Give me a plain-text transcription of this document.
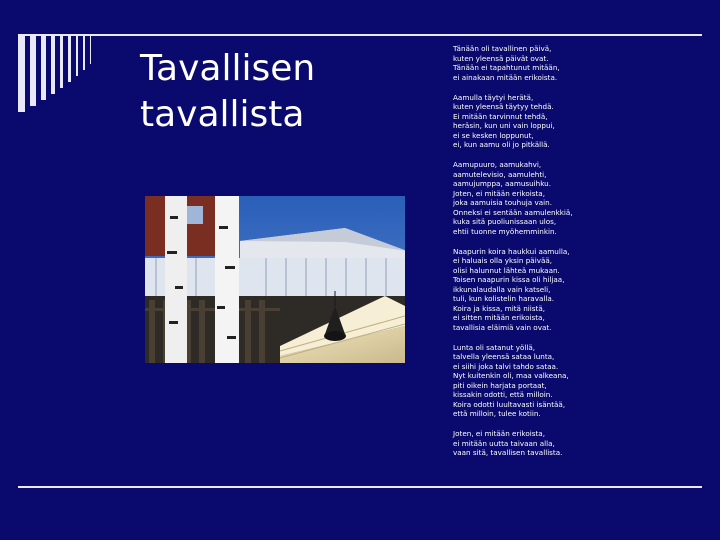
Tavallisen
tavallista
Tänään oli tavallinen päivä,
kuten yleensä päivät ovat.
Tänään ei tapahtunut mitään,
ei ainakaan mitään erikoista.
Aamulla täytyi herätä,
kuten yleensä täytyy tehdä.
Ei mitään tarvinnut tehdä,
heräsin, kun uni vain loppui,
ei se kesken loppunut,
ei, kun aamu oli jo pitkällä.
Aamupuuro, aamukahvi,
aamutelevisio, aamulehti,
aamujumppa, aamusuihku.
Joten, ei mitään erikoista,
joka aamuisia touhuja vain.
Onneksi ei sentään aamulenkkiä,
kuka sitä puoliunissaan ulos,
ehtii tuonne myöhemminkin.
Naapurin koira haukkui aamulla,
ei haluais olla yksin päivää,
olisi halunnut lähteä mukaan.
Toisen naapurin kissa oli hiljaa,
ikkunalaudalla vain katseli,
tuli, kun kolistelin haravalla.
Koira ja kissa, mitä niistä,
ei sitten mitään erikoista,
tavallisia eläimiä vain ovat.
Lunta oli satanut yöllä,
talvella yleensä sataa lunta,
ei siihi joka talvi tahdo sataa.
Nyt kuitenkin oli, maa valkeana,
piti oikein harjata portaat,
kissakin odotti, että milloin.
Koira odotti luultavasti isäntää,
että milloin, tulee kotiin.
Joten, ei mitään erikoista,
ei mitään uutta taivaan alla,
vaan sitä, tavallisen tavallista.
